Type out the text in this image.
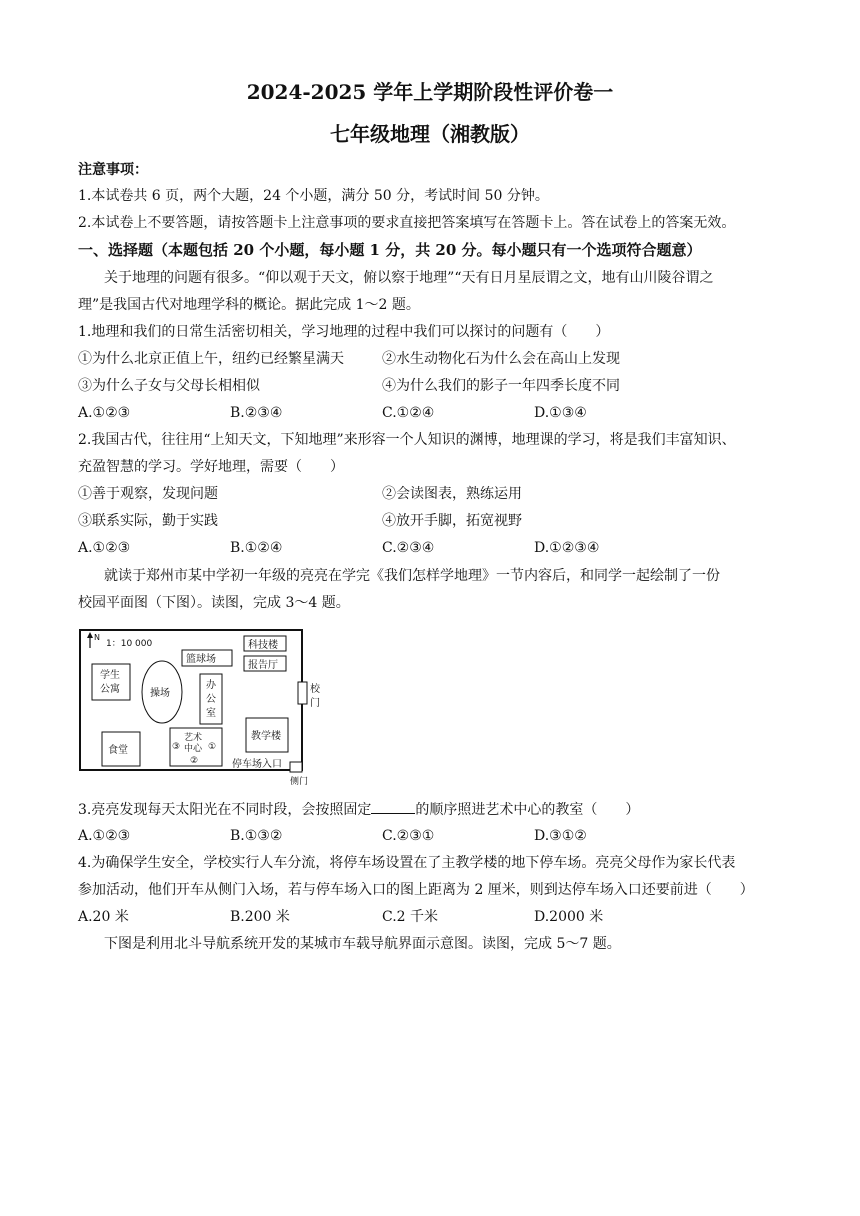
2024-2025 学年上学期阶段性评价卷一
七年级地理（湘教版）
注意事项：
1.本试卷共 6 页，两个大题，24 个小题，满分 50 分，考试时间 50 分钟。
2.本试卷上不要答题，请按答题卡上注意事项的要求直接把答案填写在答题卡上。答在试卷上的答案无效。
一、选择题（本题包括 20 个小题，每小题 1 分，共 20 分。每小题只有一个选项符合题意）
关于地理的问题有很多。“仰以观于天文，俯以察于地理”“天有日月星辰谓之文，地有山川陵谷谓之
理”是我国古代对地理学科的概论。据此完成 1～2 题。
1.地理和我们的日常生活密切相关，学习地理的过程中我们可以探讨的问题有（　　）
①为什么北京正值上午，纽约已经繁星满天	②水生动物化石为什么会在高山上发现
③为什么子女与父母长相相似	④为什么我们的影子一年四季长度不同
A.①②③	B.②③④	C.①②④	D.①③④
2.我国古代，往往用“上知天文，下知地理”来形容一个人知识的渊博，地理课的学习，将是我们丰富知识、
充盈智慧的学习。学好地理，需要（　　）
①善于观察，发现问题	②会读图表，熟练运用
③联系实际，勤于实践	④放开手脚，拓宽视野
A.①②③	B.①②④	C.②③④	D.①②③④
就读于郑州市某中学初一年级的亮亮在学完《我们怎样学地理》一节内容后，和同学一起绘制了一份
校园平面图（下图）。读图，完成 3～4 题。
N
1：10 000
学生
公寓
篮球场
操场
办
公
室
科技楼
报告厅
校
门
食堂
艺术
中心
③	①
②
教学楼
停车场入口
侧门
3.亮亮发现每天太阳光在不同时段，会按照固定	的顺序照进艺术中心的教室（　　）
A.①②③	B.①③②	C.②③①	D.③①②
4.为确保学生安全，学校实行人车分流，将停车场设置在了主教学楼的地下停车场。亮亮父母作为家长代表
参加活动，他们开车从侧门入场，若与停车场入口的图上距离为 2 厘米，则到达停车场入口还要前进（　　）
A.20 米	B.200 米	C.2 千米	D.2000 米
下图是利用北斗导航系统开发的某城市车载导航界面示意图。读图，完成 5～7 题。
